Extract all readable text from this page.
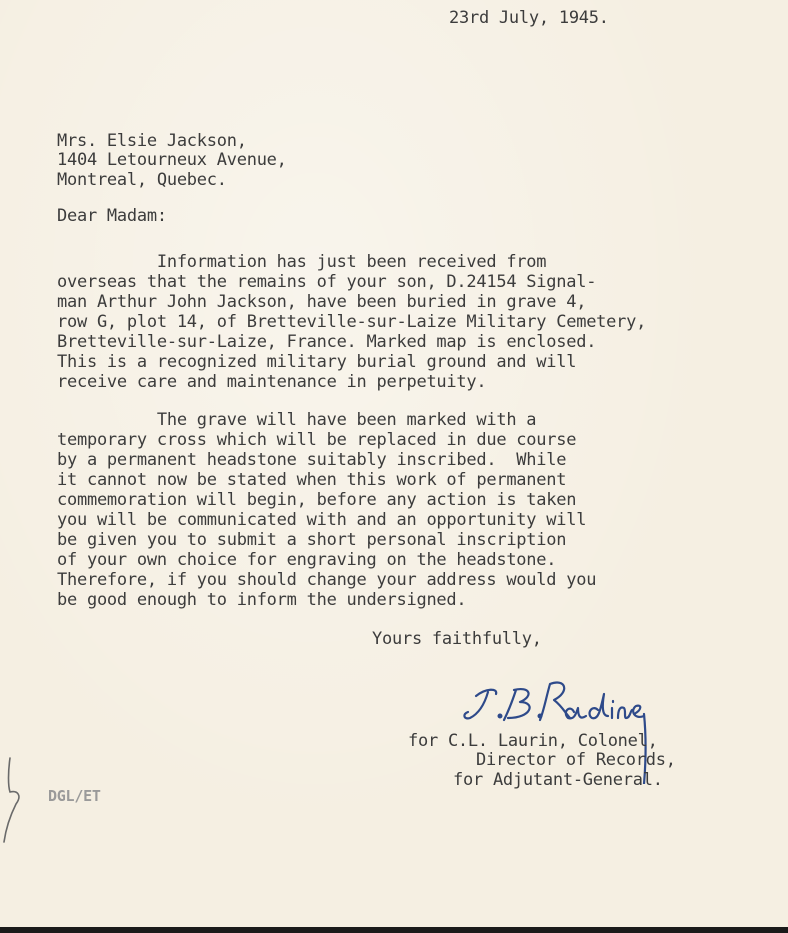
23rd July, 1945.
Mrs. Elsie Jackson,
1404 Letourneux Avenue,
Montreal, Quebec.
Dear Madam:
Information has just been received from
overseas that the remains of your son, D.24154 Signal-
man Arthur John Jackson, have been buried in grave 4,
row G, plot 14, of Bretteville-sur-Laize Military Cemetery,
Bretteville-sur-Laize, France. Marked map is enclosed.
This is a recognized military burial ground and will
receive care and maintenance in perpetuity.
The grave will have been marked with a
temporary cross which will be replaced in due course
by a permanent headstone suitably inscribed.  While
it cannot now be stated when this work of permanent
commemoration will begin, before any action is taken
you will be communicated with and an opportunity will
be given you to submit a short personal inscription
of your own choice for engraving on the headstone.
Therefore, if you should change your address would you
be good enough to inform the undersigned.
Yours faithfully,
for C.L. Laurin, Colonel,
Director of Records,
for Adjutant-General.
DGL/ET
